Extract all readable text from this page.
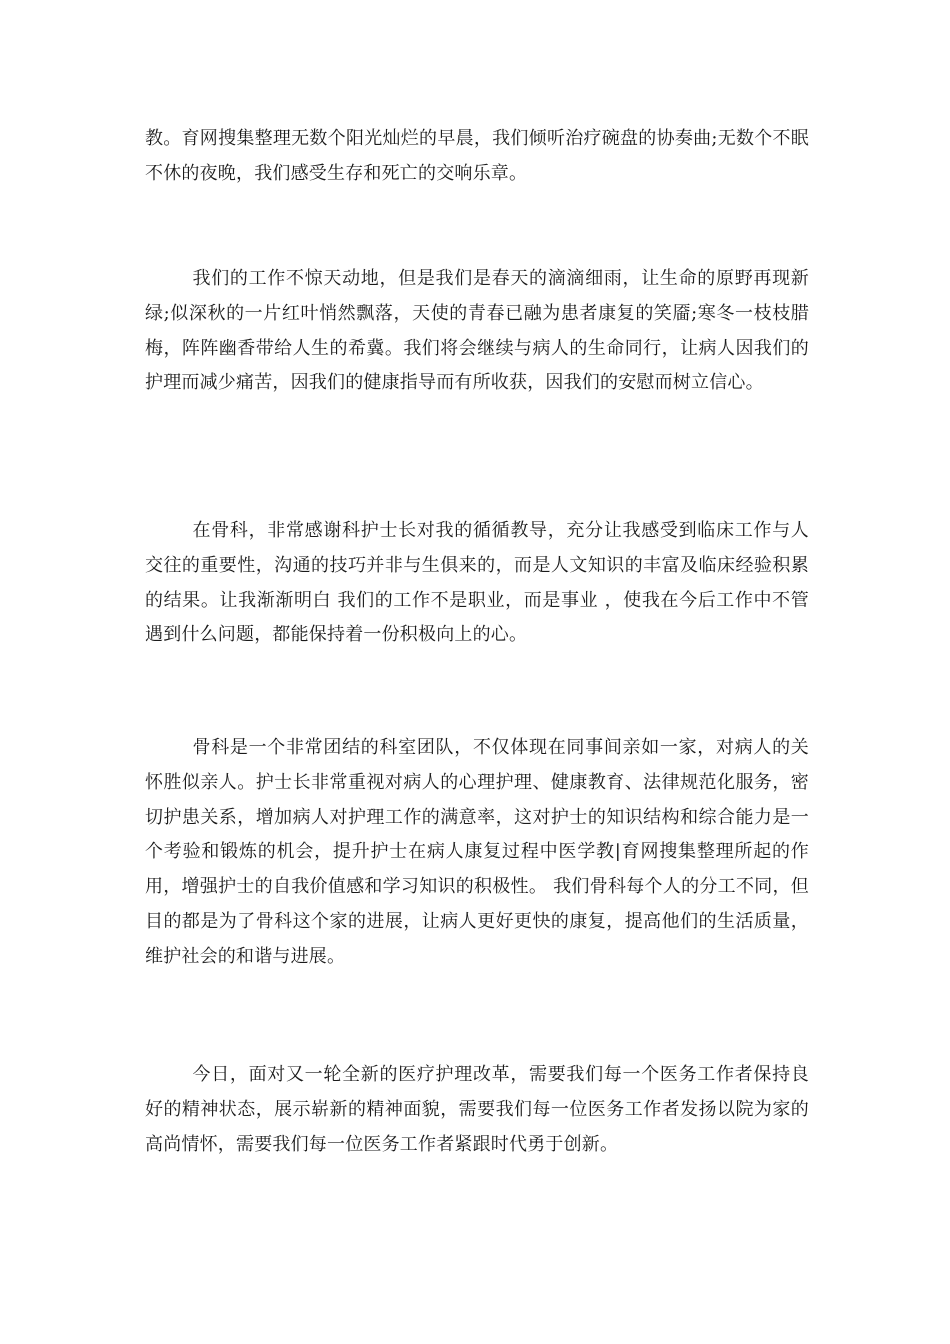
教。育网搜集整理无数个阳光灿烂的早晨，我们倾听治疗碗盘的协奏曲;无数个不眠不休的夜晚，我们感受生存和死亡的交响乐章。

我们的工作不惊天动地，但是我们是春天的滴滴细雨，让生命的原野再现新绿;似深秋的一片红叶悄然飘落，天使的青春已融为患者康复的笑靥;寒冬一枝枝腊梅，阵阵幽香带给人生的希冀。我们将会继续与病人的生命同行，让病人因我们的护理而减少痛苦，因我们的健康指导而有所收获，因我们的安慰而树立信心。

在骨科，非常感谢科护士长对我的循循教导，充分让我感受到临床工作与人交往的重要性，沟通的技巧并非与生俱来的，而是人文知识的丰富及临床经验积累的结果。让我渐渐明白 我们的工作不是职业，而是事业 ，使我在今后工作中不管遇到什么问题，都能保持着一份积极向上的心。

骨科是一个非常团结的科室团队，不仅体现在同事间亲如一家，对病人的关怀胜似亲人。护士长非常重视对病人的心理护理、健康教育、法律规范化服务，密切护患关系，增加病人对护理工作的满意率，这对护士的知识结构和综合能力是一个考验和锻炼的机会，提升护士在病人康复过程中医学教|育网搜集整理所起的作用，增强护士的自我价值感和学习知识的积极性。 我们骨科每个人的分工不同，但目的都是为了骨科这个家的进展，让病人更好更快的康复，提高他们的生活质量，维护社会的和谐与进展。

今日，面对又一轮全新的医疗护理改革，需要我们每一个医务工作者保持良好的精神状态，展示崭新的精神面貌，需要我们每一位医务工作者发扬以院为家的高尚情怀，需要我们每一位医务工作者紧跟时代勇于创新。
